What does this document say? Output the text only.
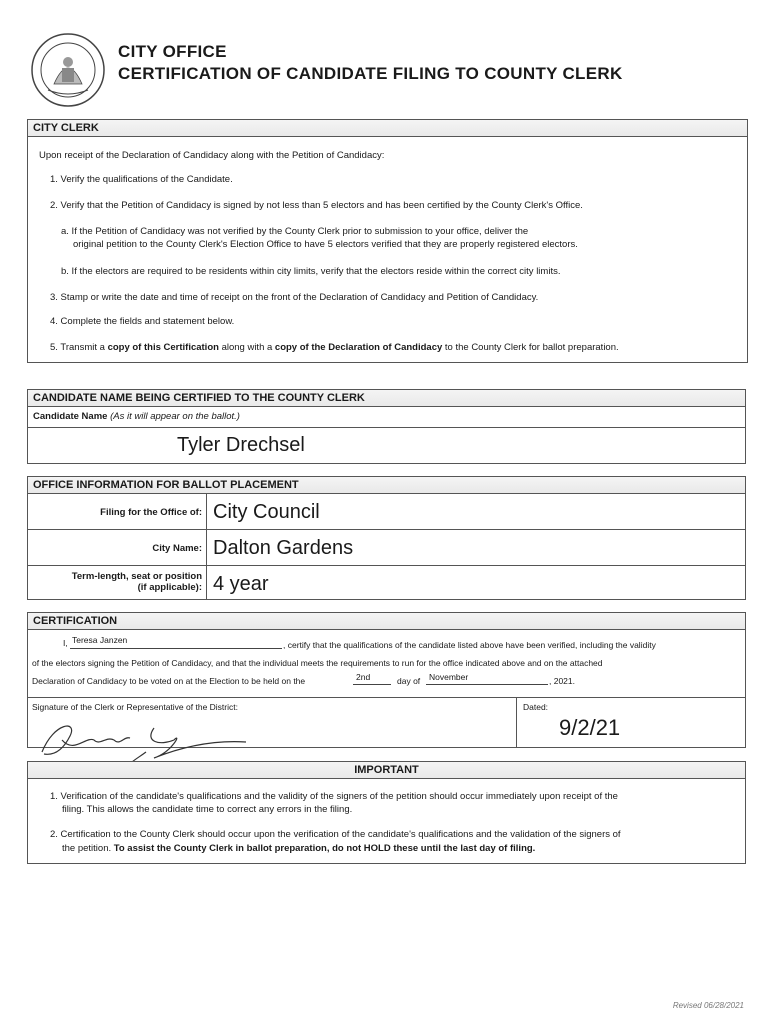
CITY OFFICE
CERTIFICATION OF CANDIDATE FILING TO COUNTY CLERK
CITY CLERK
Upon receipt of the Declaration of Candidacy along with the Petition of Candidacy:
1. Verify the qualifications of the Candidate.
2. Verify that the Petition of Candidacy is signed by not less than 5 electors and has been certified by the County Clerk's Office.
a. If the Petition of Candidacy was not verified by the County Clerk prior to submission to your office, deliver the
original petition to the County Clerk's Election Office to have 5 electors verified that they are properly registered electors.
b. If the electors are required to be residents within city limits, verify that the electors reside within the correct city limits.
3. Stamp or write the date and time of receipt on the front of the Declaration of Candidacy and Petition of Candidacy.
4. Complete the fields and statement below.
5. Transmit a copy of this Certification along with a copy of the Declaration of Candidacy to the County Clerk for ballot preparation.
CANDIDATE NAME BEING CERTIFIED TO THE COUNTY CLERK
Candidate Name (As it will appear on the ballot.)
Tyler Drechsel
OFFICE INFORMATION FOR BALLOT PLACEMENT
Filing for the Office of: City Council
City Name: Dalton Gardens
Term-length, seat or position
(if applicable): 4 year
CERTIFICATION
I, Teresa Janzen	, certify that the qualifications of the candidate listed above have been verified, including the validity
of the electors signing the Petition of Candidacy, and that the individual meets the requirements to run for the office indicated above and on the attached
Declaration of Candidacy to be voted on at the Election to be held on the	2nd	day of November	, 2021.
Signature of the Clerk or Representative of the District:	Dated:
9/2/21
IMPORTANT
1. Verification of the candidate's qualifications and the validity of the signers of the petition should occur immediately upon receipt of the
filing. This allows the candidate time to correct any errors in the filing.
2. Certification to the County Clerk should occur upon the verification of the candidate's qualifications and the validation of the signers of
the petition. To assist the County Clerk in ballot preparation, do not HOLD these until the last day of filing.
Revised 06/28/2021
